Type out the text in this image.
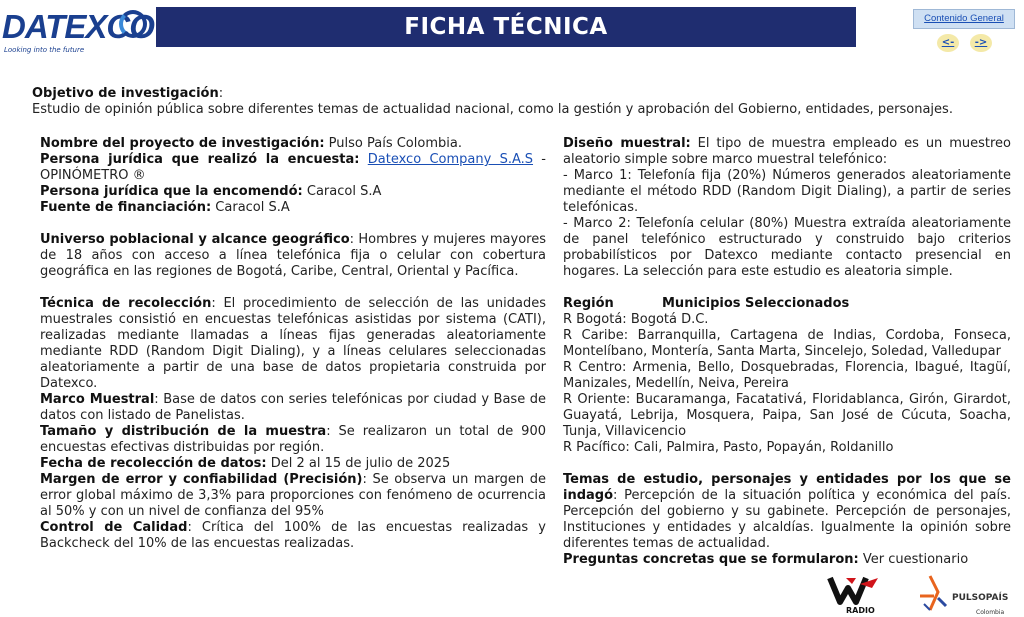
DATEXCO
Looking into the future
FICHA TÉCNICA	Contenido General
<-	->
Objetivo de investigación:
Estudio de opinión pública sobre diferentes temas de actualidad nacional, como la gestión y aprobación del Gobierno, entidades, personajes.

Nombre del proyecto de investigación: Pulso País Colombia.

Persona jurídica que realizó la encuesta: Datexco Company S.A.S - OPINÓMETRO ®

Persona jurídica que la encomendó: Caracol S.A

Fuente de financiación: Caracol S.A

Universo poblacional y alcance geográfico: Hombres y mujeres mayores de 18 años con acceso a línea telefónica fija o celular con cobertura geográfica en las regiones de Bogotá, Caribe, Central, Oriental y Pacífica.

Técnica de recolección: El procedimiento de selección de las unidades muestrales consistió en encuestas telefónicas asistidas por sistema (CATI), realizadas mediante llamadas a líneas fijas generadas aleatoriamente mediante RDD (Random Digit Dialing), y a líneas celulares seleccionadas aleatoriamente a partir de una base de datos propietaria construida por Datexco.

Marco Muestral: Base de datos con series telefónicas por ciudad y Base de datos con listado de Panelistas.

Tamaño y distribución de la muestra: Se realizaron un total de 900 encuestas efectivas distribuidas por región.

Fecha de recolección de datos: Del 2 al 15 de julio de 2025

Margen de error y confiabilidad (Precisión): Se observa un margen de error global máximo de 3,3% para proporciones con fenómeno de ocurrencia al 50% y con un nivel de confianza del 95%

Control de Calidad: Crítica del 100% de las encuestas realizadas y Backcheck del 10% de las encuestas realizadas.

Diseño muestral: El tipo de muestra empleado es un muestreo aleatorio simple sobre marco muestral telefónico:

- Marco 1: Telefonía fija (20%) Números generados aleatoriamente mediante el método RDD (Random Digit Dialing), a partir de series telefónicas.

- Marco 2: Telefonía celular (80%) Muestra extraída aleatoriamente de panel telefónico estructurado y construido bajo criterios probabilísticos por Datexco mediante contacto presencial en hogares. La selección para este estudio es aleatoria simple.

Región	Municipios Seleccionados

R Bogotá: Bogotá D.C.

R Caribe: Barranquilla, Cartagena de Indias, Cordoba, Fonseca, Montelíbano, Montería, Santa Marta, Sincelejo, Soledad, Valledupar

R Centro: Armenia, Bello, Dosquebradas, Florencia, Ibagué, Itagüí, Manizales, Medellín, Neiva, Pereira

R Oriente: Bucaramanga, Facatativá, Floridablanca, Girón, Girardot, Guayatá, Lebrija, Mosquera, Paipa, San José de Cúcuta, Soacha, Tunja, Villavicencio

R Pacífico: Cali, Palmira, Pasto, Popayán, Roldanillo

Temas de estudio, personajes y entidades por los que se indagó: Percepción de la situación política y económica del país. Percepción del gobierno y su gabinete. Percepción de personajes, Instituciones y entidades y alcaldías. Igualmente la opinión sobre diferentes temas de actualidad.

Preguntas concretas que se formularon: Ver cuestionario

RADIO
PULSOPAÍS
Colombia
